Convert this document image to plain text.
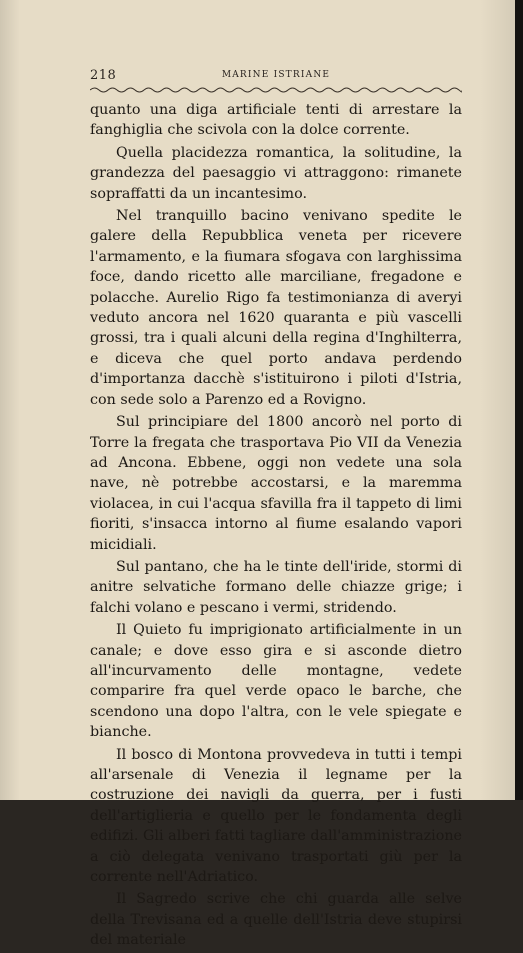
218	MARINE ISTRIANE

quanto una diga artificiale tenti di arrestare la fanghiglia che scivola con la dolce corrente.

Quella placidezza romantica, la solitudine, la grandezza del paesaggio vi attraggono: rimanete sopraffatti da un incantesimo.

Nel tranquillo bacino venivano spedite le galere della Repubblica veneta per ricevere l'armamento, e la fiumara sfogava con larghissima foce, dando ricetto alle marciliane, fregadone e polacche. Aurelio Rigo fa testimonianza di averyi veduto ancora nel 1620 quaranta e più vascelli grossi, tra i quali alcuni della regina d'Inghilterra, e diceva che quel porto andava perdendo d'importanza dacchè s'istituirono i piloti d'Istria, con sede solo a Parenzo ed a Rovigno.

Sul principiare del 1800 ancorò nel porto di Torre la fregata che trasportava Pio VII da Venezia ad Ancona. Ebbene, oggi non vedete una sola nave, nè potrebbe accostarsi, e la maremma violacea, in cui l'acqua sfavilla fra il tappeto di limi fioriti, s'insacca intorno al fiume esalando vapori micidiali.

Sul pantano, che ha le tinte dell'iride, stormi di anitre selvatiche formano delle chiazze grige; i falchi volano e pescano i vermi, stridendo.

Il Quieto fu imprigionato artificialmente in un canale; e dove esso gira e si asconde dietro all'incurvamento delle montagne, vedete comparire fra quel verde opaco le barche, che scendono una dopo l'altra, con le vele spiegate e bianche.

Il bosco di Montona provvedeva in tutti i tempi all'arsenale di Venezia il legname per la costruzione dei navigli da guerra, per i fusti dell'artiglieria e quello per le fondamenta degli edifizi. Gli alberi fatti tagliare dall'amministrazione a ciò delegata venivano trasportati giù per la corrente nell'Adriatico.

Il Sagredo scrive che chi guarda alle selve della Trevisana ed a quelle dell'Istria deve stupirsi del materiale
